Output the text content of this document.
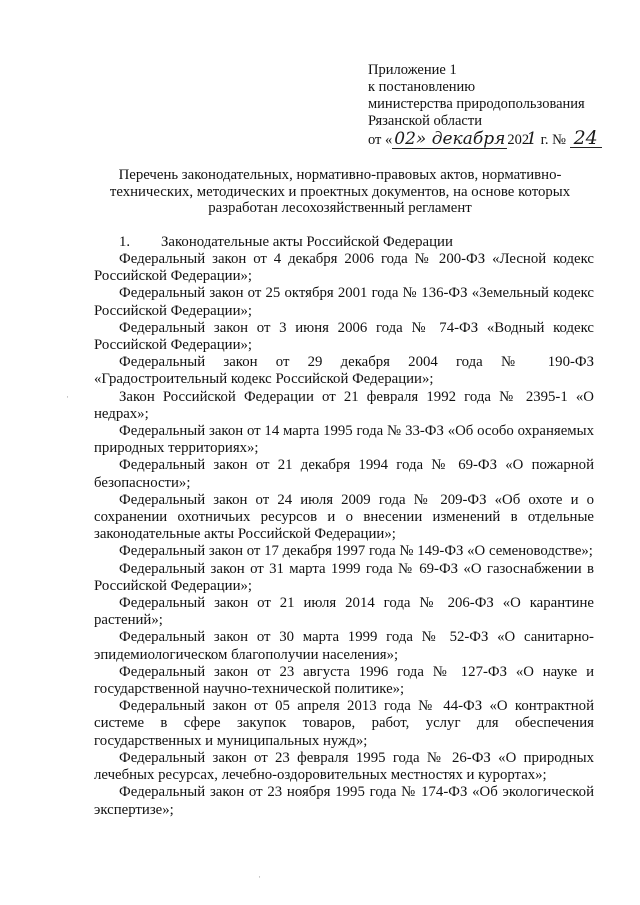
Приложение 1
к постановлению
министерства природопользования
Рязанской области
от « 02» декабря 2021 г. № 24
Перечень законодательных, нормативно-правовых актов, нормативно-технических, методических и проектных документов, на основе которых разработан лесохозяйственный регламент
1. Законодательные акты Российской Федерации

Федеральный закон от 4 декабря 2006 года № 200-ФЗ «Лесной кодекс Российской Федерации»;

Федеральный закон от 25 октября 2001 года № 136-ФЗ «Земельный кодекс Российской Федерации»;

Федеральный закон от 3 июня 2006 года № 74-ФЗ «Водный кодекс Российской Федерации»;

Федеральный закон от 29 декабря 2004 года № 190-ФЗ «Градостроительный кодекс Российской Федерации»;

Закон Российской Федерации от 21 февраля 1992 года № 2395-1 «О недрах»;

Федеральный закон от 14 марта 1995 года № 33-ФЗ «Об особо охраняемых природных территориях»;

Федеральный закон от 21 декабря 1994 года № 69-ФЗ «О пожарной безопасности»;

Федеральный закон от 24 июля 2009 года № 209-ФЗ «Об охоте и о сохранении охотничьих ресурсов и о внесении изменений в отдельные законодательные акты Российской Федерации»;

Федеральный закон от 17 декабря 1997 года № 149-ФЗ «О семеноводстве»;

Федеральный закон от 31 марта 1999 года № 69-ФЗ «О газоснабжении в Российской Федерации»;

Федеральный закон от 21 июля 2014 года № 206-ФЗ «О карантине растений»;

Федеральный закон от 30 марта 1999 года № 52-ФЗ «О санитарно-эпидемиологическом благополучии населения»;

Федеральный закон от 23 августа 1996 года № 127-ФЗ «О науке и государственной научно-технической политике»;

Федеральный закон от 05 апреля 2013 года № 44-ФЗ «О контрактной системе в сфере закупок товаров, работ, услуг для обеспечения государственных и муниципальных нужд»;

Федеральный закон от 23 февраля 1995 года № 26-ФЗ «О природных лечебных ресурсах, лечебно-оздоровительных местностях и курортах»;

Федеральный закон от 23 ноября 1995 года № 174-ФЗ «Об экологической экспертизе»;

·
·
